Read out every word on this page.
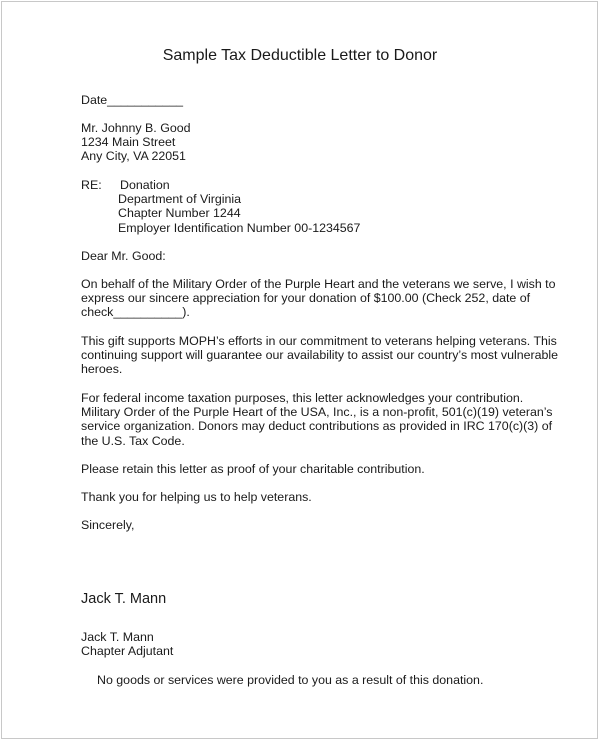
Sample Tax Deductible Letter to Donor
Date___________
Mr. Johnny B. Good
1234 Main Street
Any City, VA 22051
RE: Donation
Department of Virginia
Chapter Number 1244
Employer Identification Number 00-1234567
Dear Mr. Good:
On behalf of the Military Order of the Purple Heart and the veterans we serve, I wish to
express our sincere appreciation for your donation of $100.00 (Check 252, date of
check__________).
This gift supports MOPH’s efforts in our commitment to veterans helping veterans. This
continuing support will guarantee our availability to assist our country’s most vulnerable
heroes.
For federal income taxation purposes, this letter acknowledges your contribution.
Military Order of the Purple Heart of the USA, Inc., is a non-profit, 501(c)(19) veteran’s
service organization. Donors may deduct contributions as provided in IRC 170(c)(3) of
the U.S. Tax Code.
Please retain this letter as proof of your charitable contribution.
Thank you for helping us to help veterans.
Sincerely,
Jack T. Mann
Jack T. Mann
Chapter Adjutant
No goods or services were provided to you as a result of this donation.
